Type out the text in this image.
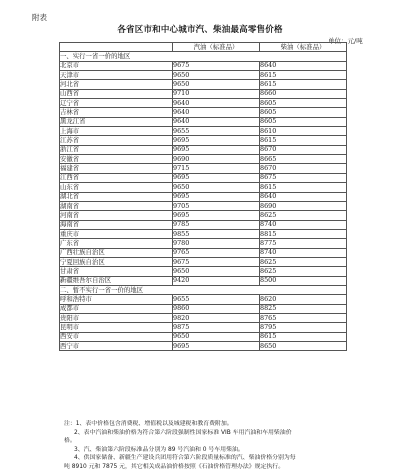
附表
各省区市和中心城市汽、柴油最高零售价格
单位：元/吨
	汽油（标准品）	柴油（标准品）
一、实行一省一价的地区		
北京市	9675	8640
天津市	9650	8615
河北省	9650	8615
山西省	9710	8660
辽宁省	9640	8605
吉林省	9640	8605
黑龙江省	9640	8605
上海市	9655	8610
江苏省	9695	8615
浙江省	9695	8670
安徽省	9690	8665
福建省	9715	8670
江西省	9695	8675
山东省	9650	8615
湖北省	9695	8640
湖南省	9705	8690
河南省	9695	8625
海南省	9785	8740
重庆市	9855	8815
广东省	9780	8775
广西壮族自治区	9765	8740
宁夏回族自治区	9675	8625
甘肃省	9650	8625
新疆维吾尔自治区	9420	8500
二、暂不实行一省一价的地区		
呼和浩特市	9655	8620
成都市	9860	8825
贵阳市	9820	8765
昆明市	9875	8795
西安市	9650	8615
西宁市	9695	8650

注：1、表中价格包含消费税、增值税以及城建税和教育费附加。

2、表中汽油和柴油价格为符合第六阶段强制性国家标准 VIB 车用汽油和车用柴油价

格。

3、汽、柴油第六阶段标准品分别为 89 号汽油和 0 号车用柴油。

4、供国家储备、新疆生产建设兵团用符合第六阶段质量标准的汽、柴油价格分别为每

吨 8910 元和 7875 元，其它相关成品油价格按照《石油价格管理办法》规定执行。
